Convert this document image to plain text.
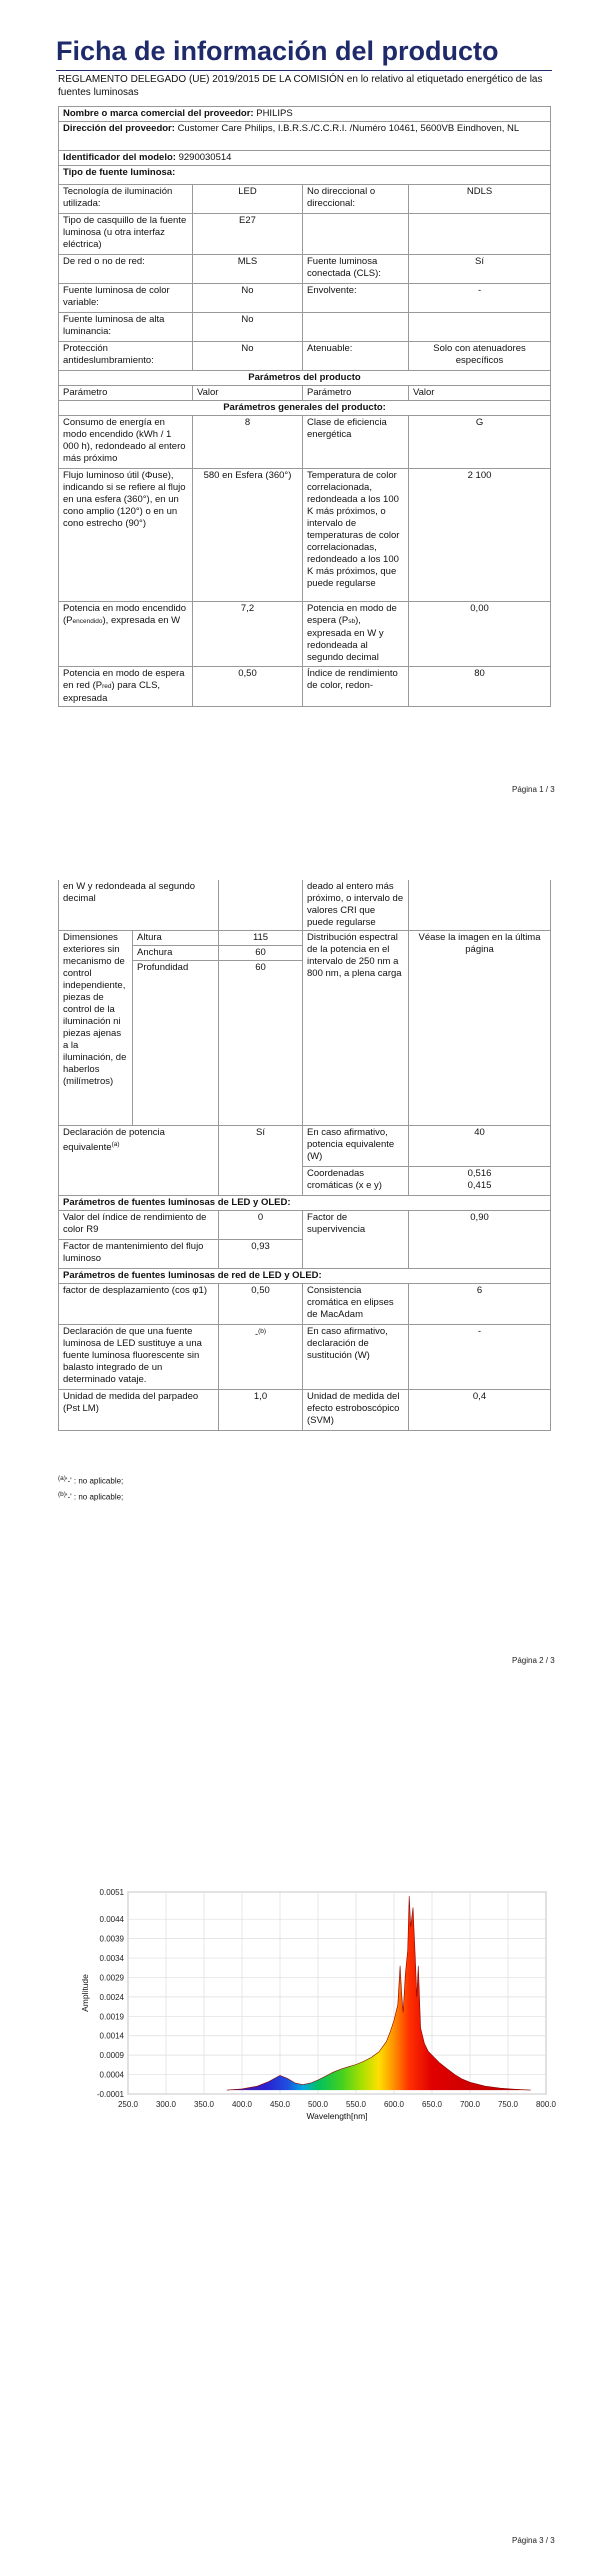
Ficha de información del producto
REGLAMENTO DELEGADO (UE) 2019/2015 DE LA COMISIÓN en lo relativo al etiquetado energético de las fuentes luminosas
Nombre o marca comercial del proveedor: PHILIPS			
Dirección del proveedor: Customer Care Philips, I.B.R.S./C.C.R.I. /Numéro 10461, 5600VB Eindhoven, NL			
Identificador del modelo: 9290030514			
Tipo de fuente luminosa:			
Tecnología de iluminación utilizada:	LED	No direccional o direccional:	NDLS
Tipo de casquillo de la fuente luminosa (u otra interfaz eléctrica)	E27		
De red o no de red:	MLS	Fuente luminosa conectada (CLS):	Sí
Fuente luminosa de color variable:	No	Envolvente:	-
Fuente luminosa de alta luminancia:	No		
Protección antideslumbramiento:	No	Atenuable:	Solo con atenuadores específicos
Parámetros del producto			
Parámetro	Valor	Parámetro	Valor
Parámetros generales del producto:			
Consumo de energía en modo encendido (kWh / 1 000 h), redondeado al entero más próximo	8	Clase de eficiencia energética	G
Flujo luminoso útil (Φuse), indicando si se refiere al flujo en una esfera (360°), en un cono amplio (120°) o en un cono estrecho (90°)	580 en Esfera (360°)	Temperatura de color correlacionada, redondeada a los 100 K más próximos, o intervalo de temperaturas de color correlacionadas, redondeado a los 100 K más próximos, que puede regularse	2 100
Potencia en modo encendido (Pencendido), expresada en W	7,2	Potencia en modo de espera (Psb), expresada en W y redondeada al segundo decimal	0,00
Potencia en modo de espera en red (Pred) para CLS, expresada	0,50	Índice de rendimiento de color, redon-	80
Página 1 / 3
en W y redondeada al segundo decimal			deado al entero más próximo, o intervalo de valores CRI que puede regularse	
Dimensiones exteriores sin mecanismo de control independiente, piezas de control de la iluminación ni piezas ajenas a la iluminación, de haberlos (milímetros)	Altura	115	Distribución espectral de la potencia en el intervalo de 250 nm a 800 nm, a plena carga	Véase la imagen en la última página
	Anchura	60		
	Profundidad	60		
Declaración de potencia equivalente$^{(a)}$		Sí	En caso afirmativo, potencia equivalente (W)	40
			Coordenadas cromáticas (x e y)	0,516
0,415

Parámetros de fuentes luminosas de LED y OLED:				
Valor del índice de rendimiento de color R9		0	Factor de supervivencia	0,90
Factor de mantenimiento del flujo luminoso		0,93		
Parámetros de fuentes luminosas de red de LED y OLED:				
factor de desplazamiento (cos φ1)		0,50	Consistencia cromática en elipses de MacAdam	6
Declaración de que una fuente luminosa de LED sustituye a una fuente luminosa fluorescente sin balasto integrado de un determinado vataje.		-$^{(b)}$	En caso afirmativo, declaración de sustitución (W)	-
Unidad de medida del parpadeo (Pst LM)		1,0	Unidad de medida del efecto estroboscópico (SVM)	0,4
$^{(a)}$'-' : no aplicable;
$^{(b)}$'-' : no aplicable;
Página 2 / 3
250.0 300.0 350.0 400.0 450.0 500.0 550.0 600.0 650.0 700.0 750.0 800.0
-0.0001
0.0004
0.0009
0.0014
0.0019
0.0024
0.0029
0.0034
0.0039
0.0044
0.0051
Wavelength[nm]
Amplitude
Página 3 / 3
